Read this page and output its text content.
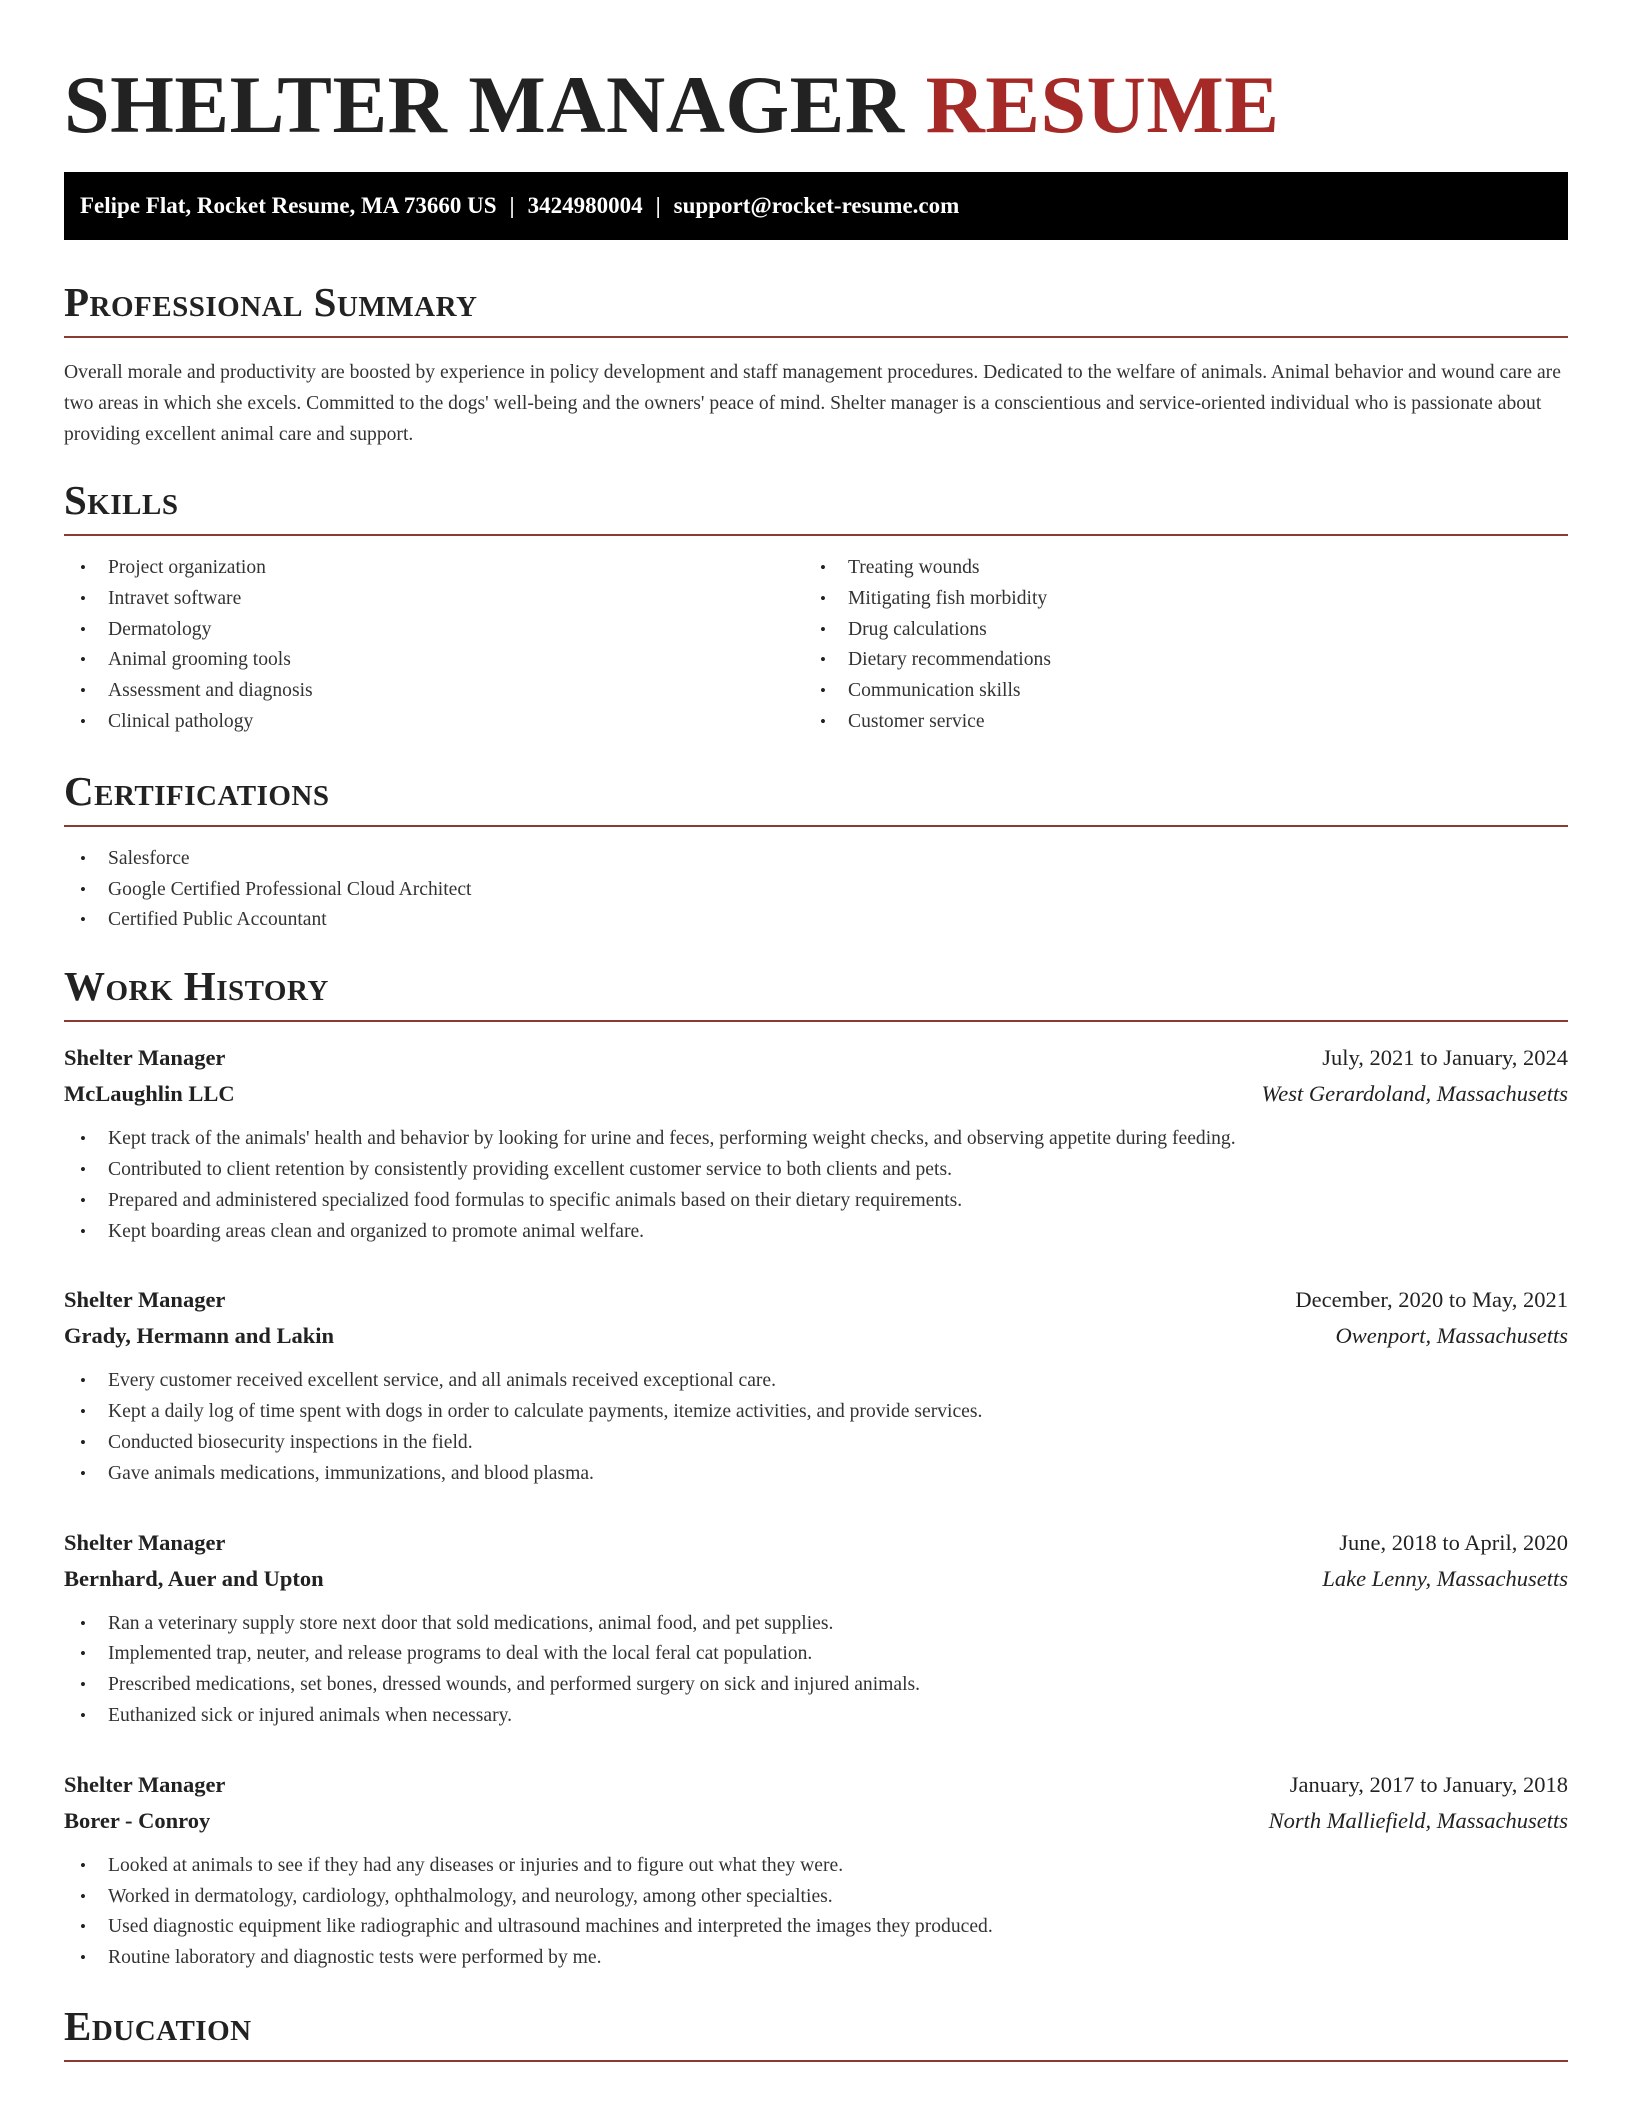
SHELTER MANAGER RESUME
Felipe Flat, Rocket Resume, MA 73660 US | 3424980004 | support@rocket-resume.com
Professional Summary

Overall morale and productivity are boosted by experience in policy development and staff management procedures. Dedicated to the welfare of animals. Animal behavior and wound care are two areas in which she excels. Committed to the dogs' well-being and the owners' peace of mind. Shelter manager is a conscientious and service-oriented individual who is passionate about providing excellent animal care and support.

Skills
• Project organization
• Intravet software
• Dermatology
• Animal grooming tools
• Assessment and diagnosis
• Clinical pathology
• Treating wounds
• Mitigating fish morbidity
• Drug calculations
• Dietary recommendations
• Communication skills
• Customer service
Certifications
• Salesforce
• Google Certified Professional Cloud Architect
• Certified Public Accountant
Work History
Shelter Manager	July, 2021 to January, 2024
McLaughlin LLC	West Gerardoland, Massachusetts
• Kept track of the animals' health and behavior by looking for urine and feces, performing weight checks, and observing appetite during feeding.
• Contributed to client retention by consistently providing excellent customer service to both clients and pets.
• Prepared and administered specialized food formulas to specific animals based on their dietary requirements.
• Kept boarding areas clean and organized to promote animal welfare.
Shelter Manager	December, 2020 to May, 2021
Grady, Hermann and Lakin	Owenport, Massachusetts
• Every customer received excellent service, and all animals received exceptional care.
• Kept a daily log of time spent with dogs in order to calculate payments, itemize activities, and provide services.
• Conducted biosecurity inspections in the field.
• Gave animals medications, immunizations, and blood plasma.
Shelter Manager	June, 2018 to April, 2020
Bernhard, Auer and Upton	Lake Lenny, Massachusetts
• Ran a veterinary supply store next door that sold medications, animal food, and pet supplies.
• Implemented trap, neuter, and release programs to deal with the local feral cat population.
• Prescribed medications, set bones, dressed wounds, and performed surgery on sick and injured animals.
• Euthanized sick or injured animals when necessary.
Shelter Manager	January, 2017 to January, 2018
Borer - Conroy	North Malliefield, Massachusetts
• Looked at animals to see if they had any diseases or injuries and to figure out what they were.
• Worked in dermatology, cardiology, ophthalmology, and neurology, among other specialties.
• Used diagnostic equipment like radiographic and ultrasound machines and interpreted the images they produced.
• Routine laboratory and diagnostic tests were performed by me.
Education
